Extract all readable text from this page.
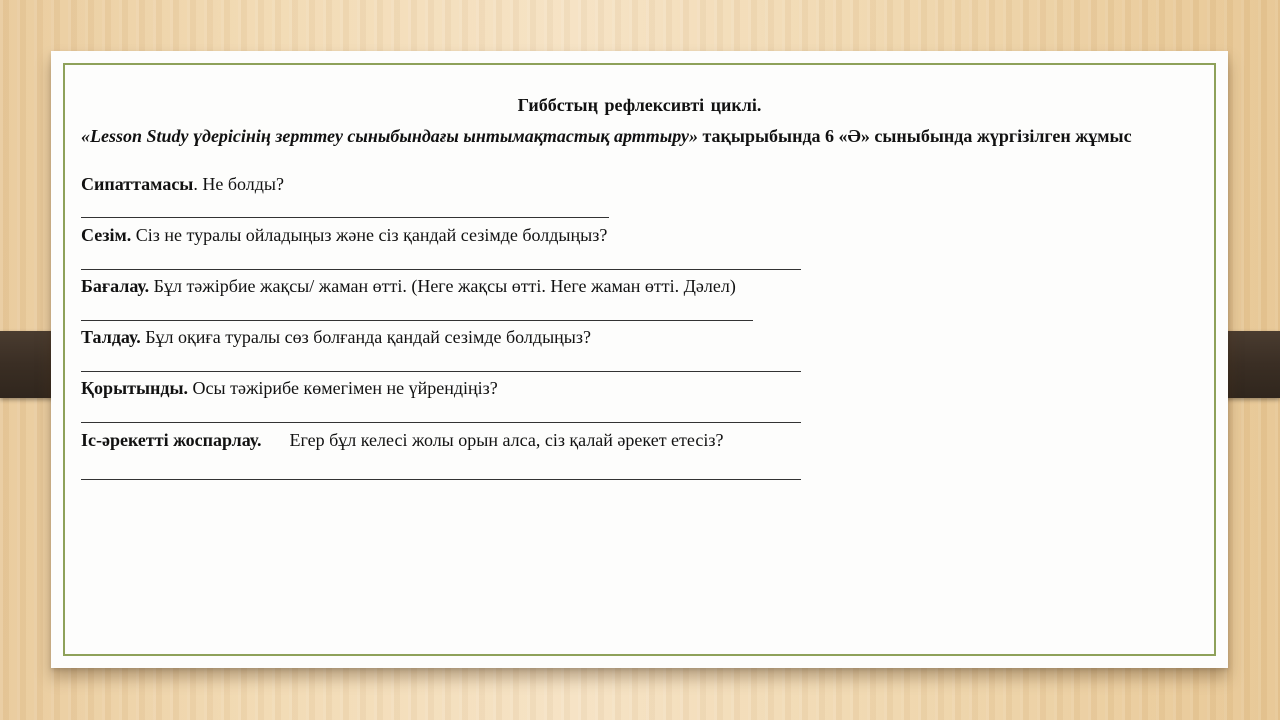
Гиббстың рефлексивті циклі.
«Lesson Study үдерісінің зерттеу сыныбындағы ынтымақтастық арттыру» тақырыбында 6 «Ә» сыныбында жүргізілген жұмыс
Сипаттамасы. Не болды?
Сезім. Сіз не туралы ойладыңыз және сіз қандай сезімде болдыңыз?
Бағалау. Бұл тәжірбие жақсы/ жаман өтті. (Неге жақсы өтті. Неге жаман өтті. Дәлел)
Талдау. Бұл оқиға туралы сөз болғанда қандай сезімде болдыңыз?
Қорытынды. Осы тәжірибе көмегімен не үйрендіңіз?
Іс-әрекетті жоспарлау. Егер бұл келесі жолы орын алса, сіз қалай әрекет етесіз?
